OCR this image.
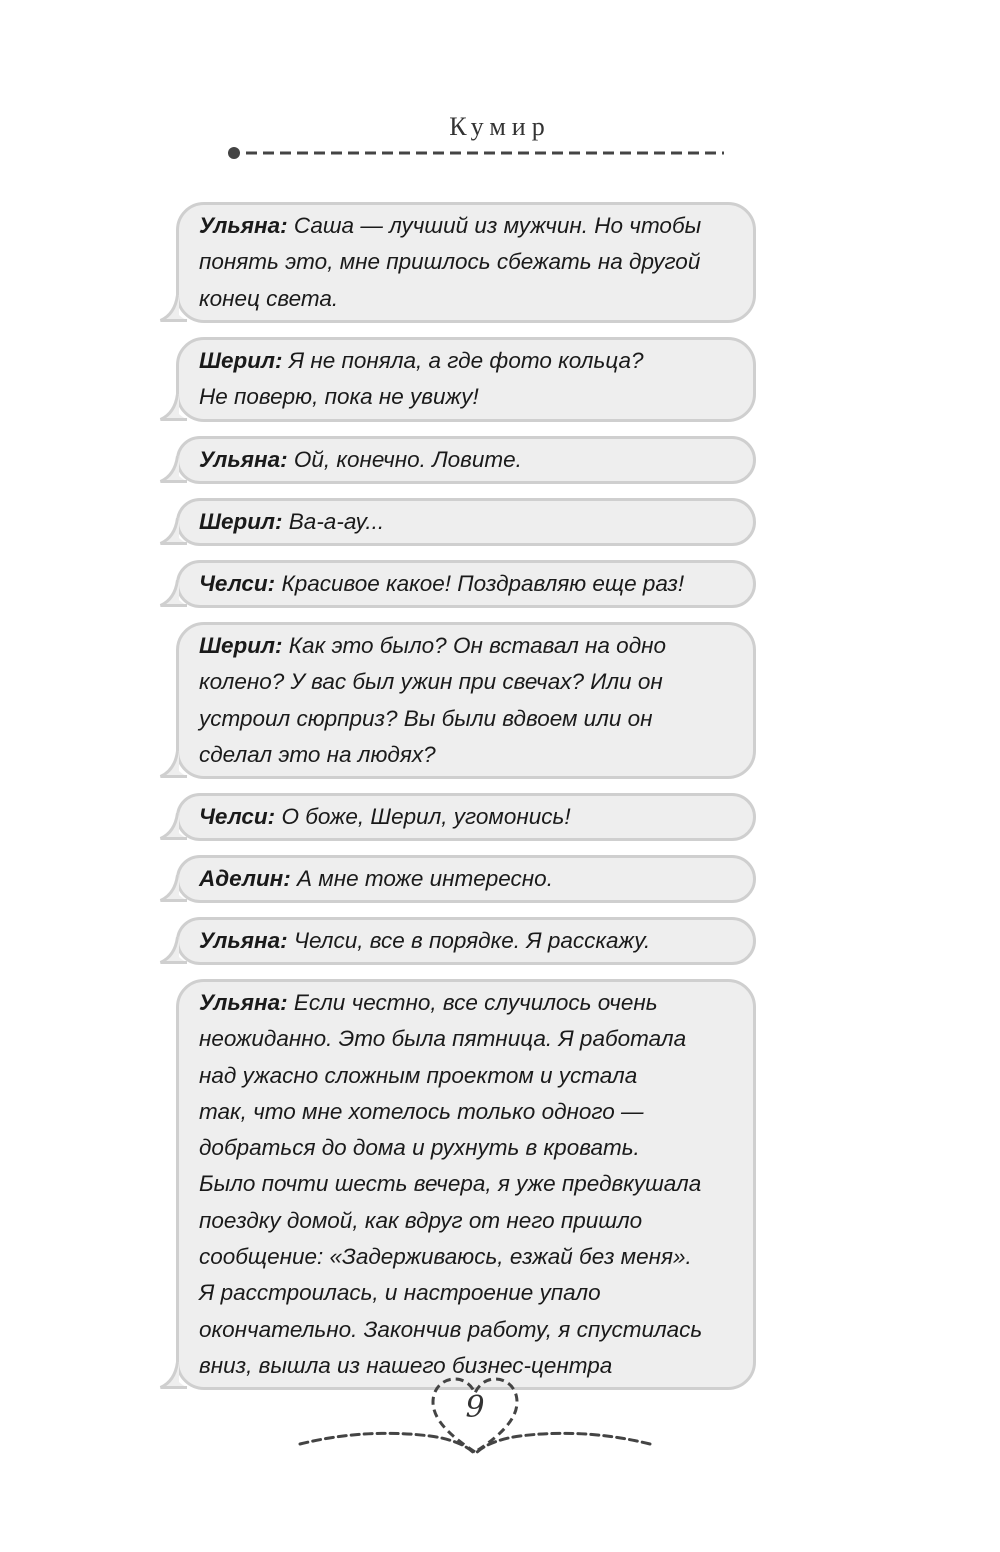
Кумир
Ульяна: Саша — лучший из мужчин. Но чтобы
понять это, мне пришлось сбежать на другой
конец света.
Шерил: Я не поняла, а где фото кольца?
Не поверю, пока не увижу!
Ульяна: Ой, конечно. Ловите.
Шерил: Ва-а-ау...
Челси: Красивое какое! Поздравляю еще раз!
Шерил: Как это было? Он вставал на одно
колено? У вас был ужин при свечах? Или он
устроил сюрприз? Вы были вдвоем или он
сделал это на людях?
Челси: О боже, Шерил, угомонись!
Аделин: А мне тоже интересно.
Ульяна: Челси, все в порядке. Я расскажу.
Ульяна: Если честно, все случилось очень
неожиданно. Это была пятница. Я работала
над ужасно сложным проектом и устала
так, что мне хотелось только одного —
добраться до дома и рухнуть в кровать.
Было почти шесть вечера, я уже предвкушала
поездку домой, как вдруг от него пришло
сообщение: «Задерживаюсь, езжай без меня».
Я расстроилась, и настроение упало
окончательно. Закончив работу, я спустилась
вниз, вышла из нашего бизнес-центра
9
